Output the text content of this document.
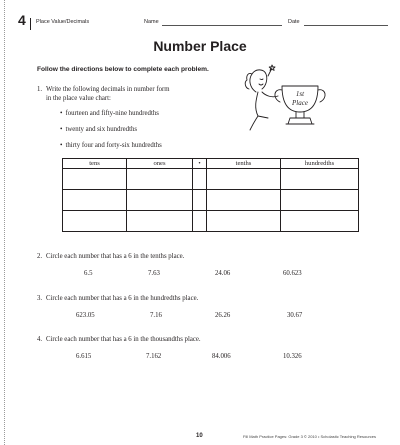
4 Place Value/Decimals	Name	Date
Number Place
Follow the directions below to complete each problem.
1. Write the following decimals in number form
in the place value chart:
• fourteen and fifty-nine hundredths
• twenty and six hundredths
• thirty four and forty-six hundredths
1st
Place
tens	ones	•	tenths	hundredths

2. Circle each number that has a 6 in the tenths place.
6.5	7.63	24.06	60.623
3. Circle each number that has a 6 in the hundredths place.
623.05	7.16	26.26	30.67
4. Circle each number that has a 6 in the thousandths place.
6.615	7.162	84.006	10.326
10	Fill Math Practice Pages: Grade 3 © 2010 • Scholastic Teaching Resources
